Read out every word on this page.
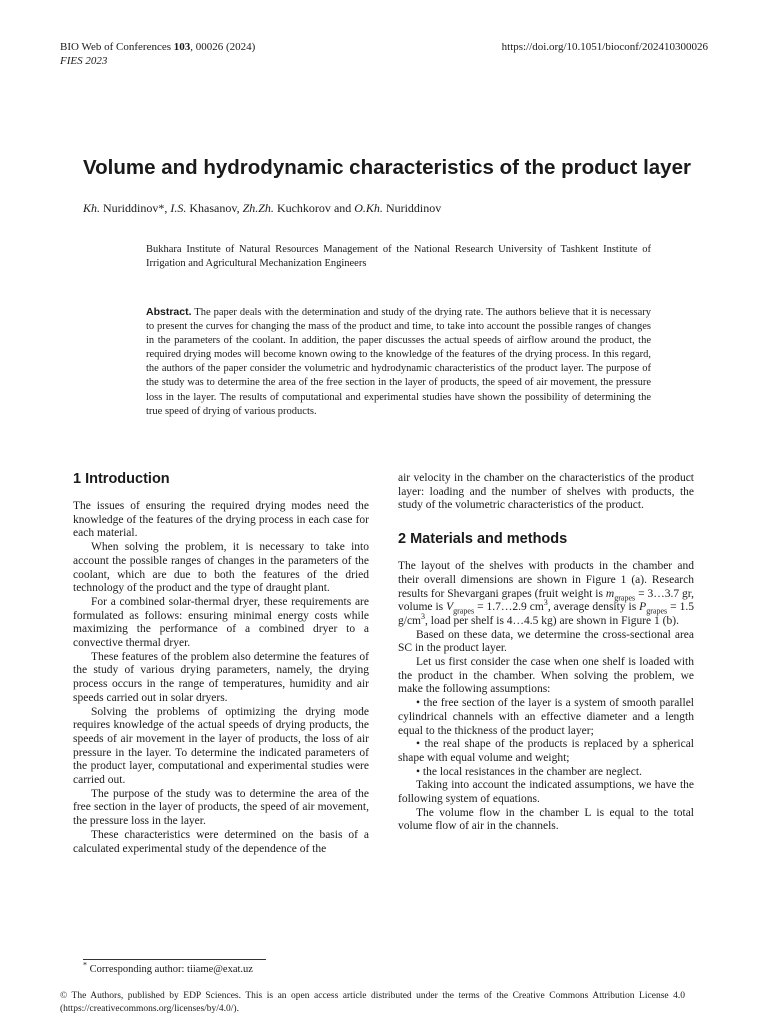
BIO Web of Conferences 103, 00026 (2024)
FIES 2023
https://doi.org/10.1051/bioconf/202410300026
Volume and hydrodynamic characteristics of the product layer
Kh. Nuriddinov*, I.S. Khasanov, Zh.Zh. Kuchkorov and O.Kh. Nuriddinov
Bukhara Institute of Natural Resources Management of the National Research University of Tashkent Institute of Irrigation and Agricultural Mechanization Engineers
Abstract. The paper deals with the determination and study of the drying rate. The authors believe that it is necessary to present the curves for changing the mass of the product and time, to take into account the possible ranges of changes in the parameters of the coolant. In addition, the paper discusses the actual speeds of airflow around the product, the required drying modes will become known owing to the knowledge of the features of the drying process. In this regard, the authors of the paper consider the volumetric and hydrodynamic characteristics of the product layer. The purpose of the study was to determine the area of the free section in the layer of products, the speed of air movement, the pressure loss in the layer. The results of computational and experimental studies have shown the possibility of determining the true speed of drying of various products.
1 Introduction

The issues of ensuring the required drying modes need the knowledge of the features of the drying process in each case for each material.

When solving the problem, it is necessary to take into account the possible ranges of changes in the parameters of the coolant, which are due to both the features of the dried technology of the product and the type of draught plant.

For a combined solar-thermal dryer, these requirements are formulated as follows: ensuring minimal energy costs while maximizing the performance of a combined dryer to a convective thermal dryer.

These features of the problem also determine the features of the study of various drying parameters, namely, the drying process occurs in the range of temperatures, humidity and air speeds carried out in solar dryers.

Solving the problems of optimizing the drying mode requires knowledge of the actual speeds of drying products, the speeds of air movement in the layer of products, the loss of air pressure in the layer. To determine the indicated parameters of the product layer, computational and experimental studies were carried out.

The purpose of the study was to determine the area of the free section in the layer of products, the speed of air movement, the pressure loss in the layer.

These characteristics were determined on the basis of a calculated experimental study of the dependence of the

air velocity in the chamber on the characteristics of the product layer: loading and the number of shelves with products, the study of the volumetric characteristics of the product.

2 Materials and methods

The layout of the shelves with products in the chamber and their overall dimensions are shown in Figure 1 (a). Research results for Shevargani grapes (fruit weight is $m_{grapes}$ = 3…3.7 gr, volume is $V_{grapes}$ = 1.7…2.9 $cm^3$, average density is $P_{grapes} = 1.5$ $g/cm^3$, load per shelf is 4…4.5 kg) are shown in Figure 1 (b).

Based on these data, we determine the cross-sectional area SC in the product layer.

Let us first consider the case when one shelf is loaded with the product in the chamber. When solving the problem, we make the following assumptions:

• the free section of the layer is a system of smooth parallel cylindrical channels with an effective diameter and a length equal to the thickness of the product layer;

• the real shape of the products is replaced by a spherical shape with equal volume and weight;

• the local resistances in the chamber are neglect.

Taking into account the indicated assumptions, we have the following system of equations.

The volume flow in the chamber L is equal to the total volume flow of air in the channels.

* Corresponding author: tiiame@exat.uz
© The Authors, published by EDP Sciences. This is an open access article distributed under the terms of the Creative Commons Attribution License 4.0 (https://creativecommons.org/licenses/by/4.0/).
